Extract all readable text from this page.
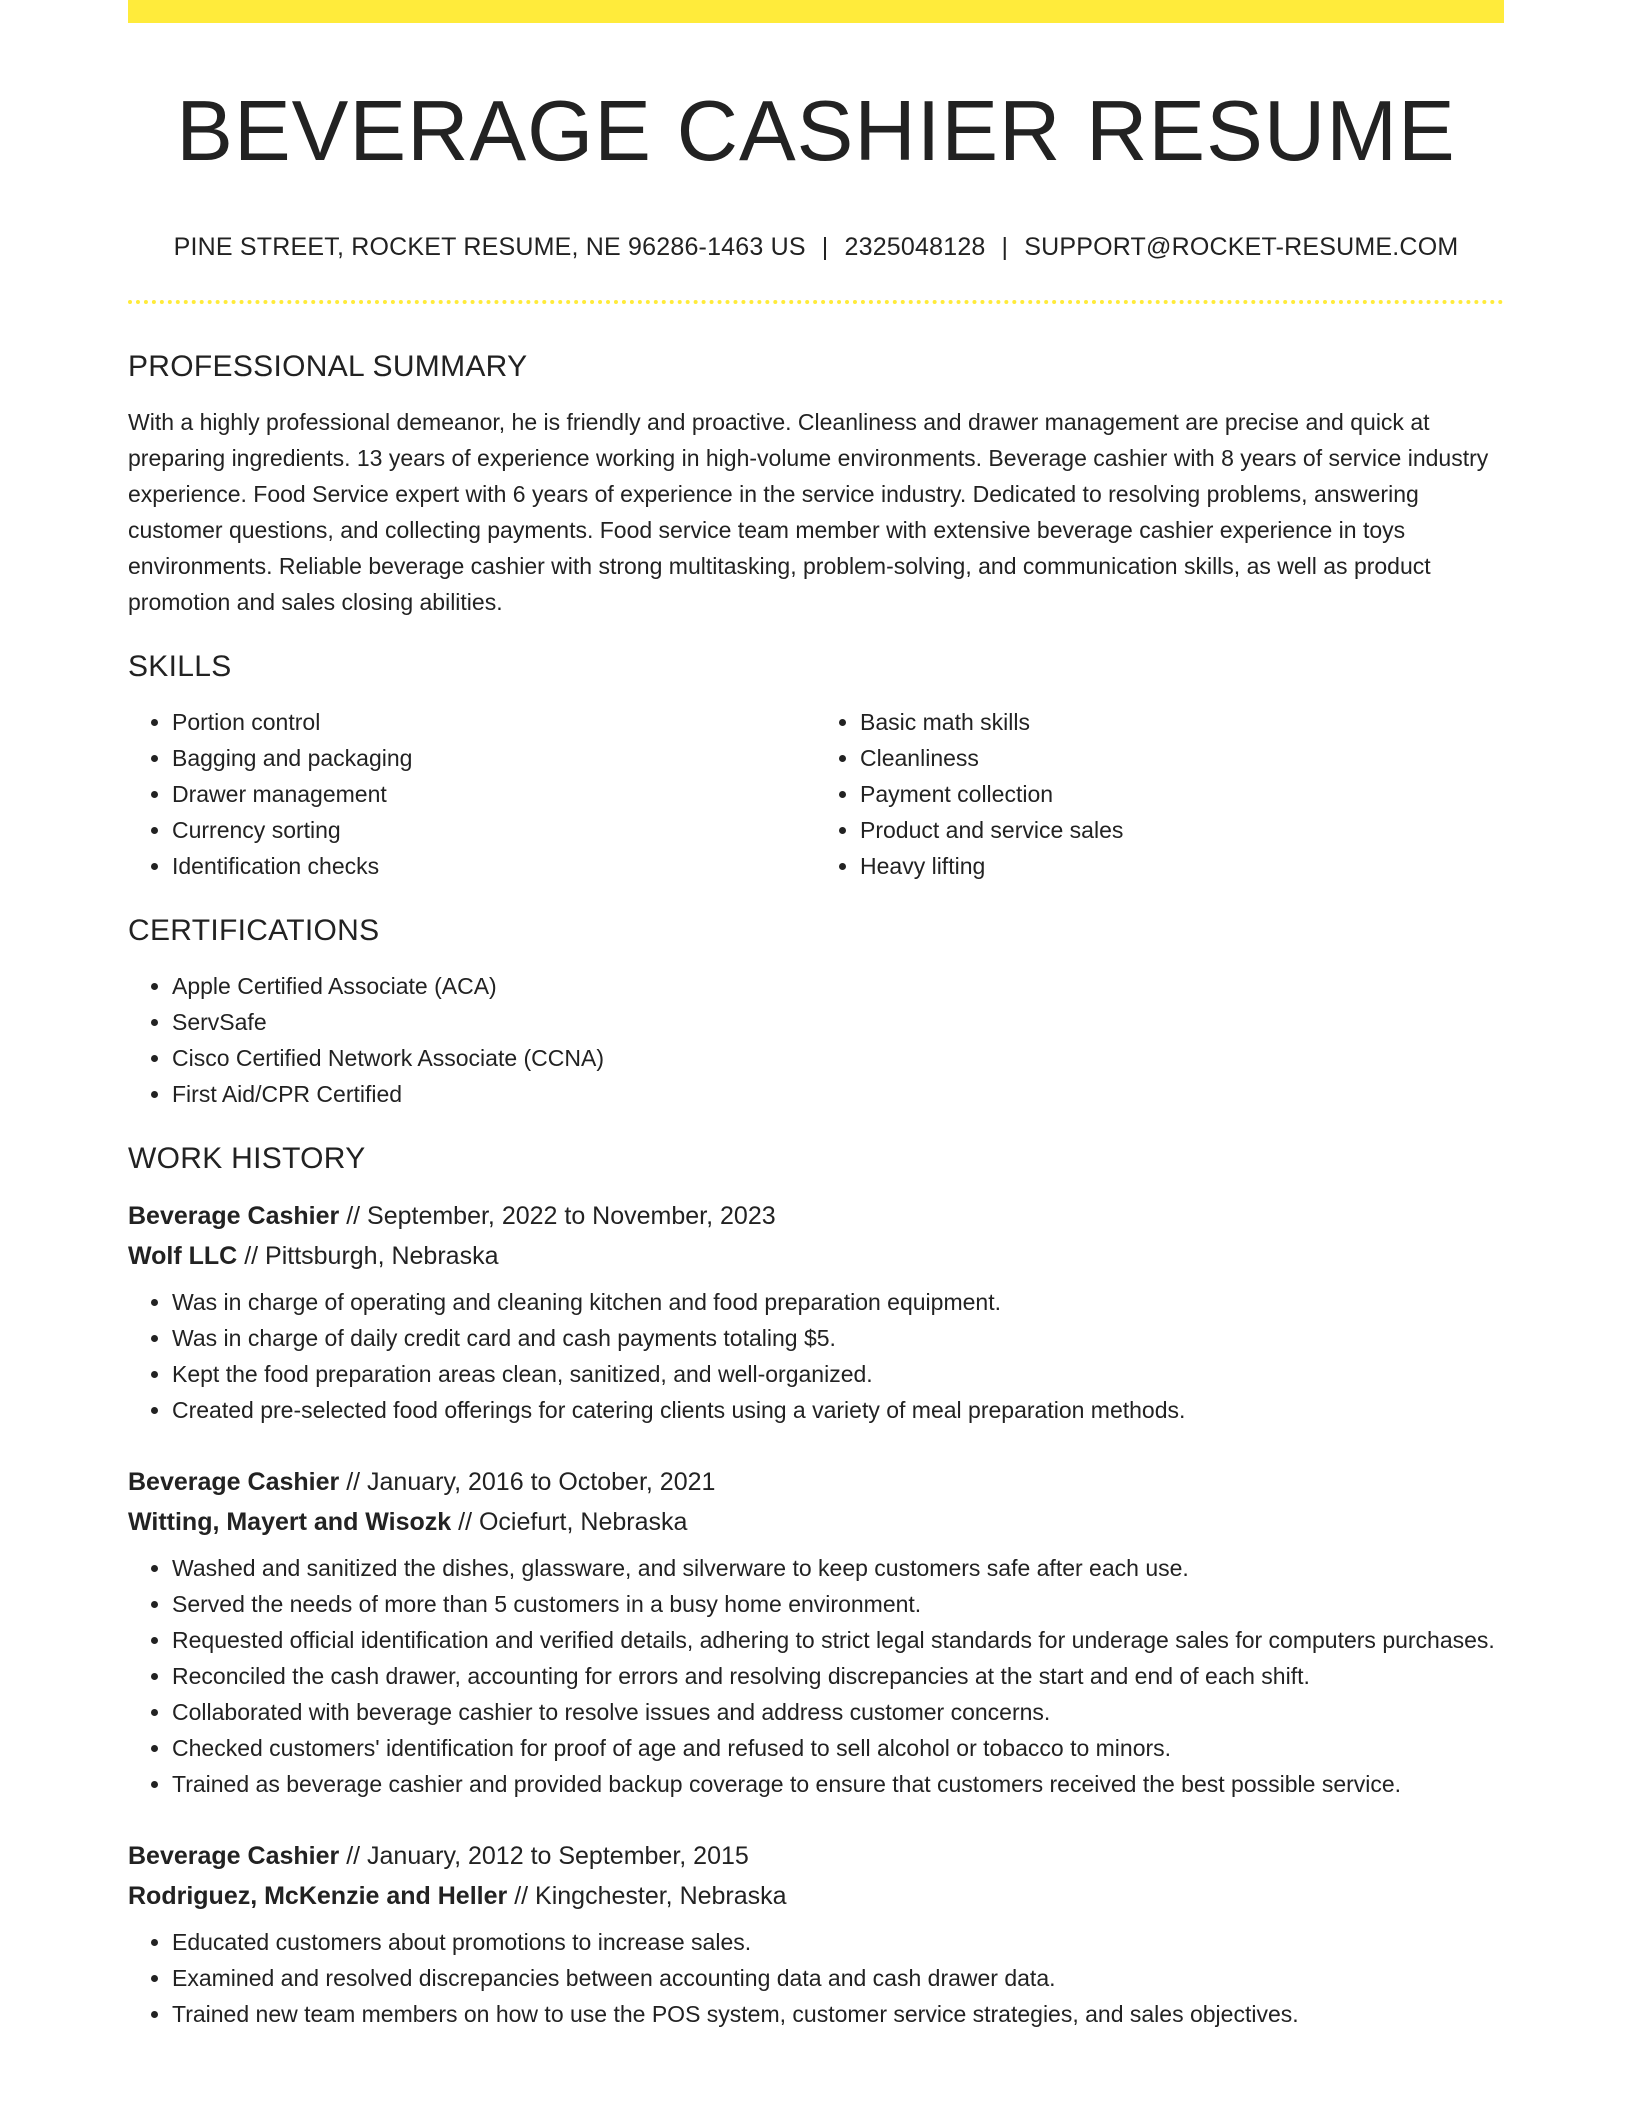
BEVERAGE CASHIER RESUME
PINE STREET, ROCKET RESUME, NE 96286-1463 US | 2325048128 | SUPPORT@ROCKET-RESUME.COM
PROFESSIONAL SUMMARY

With a highly professional demeanor, he is friendly and proactive. Cleanliness and drawer management are precise and quick at preparing ingredients. 13 years of experience working in high-volume environments. Beverage cashier with 8 years of service industry experience. Food Service expert with 6 years of experience in the service industry. Dedicated to resolving problems, answering customer questions, and collecting payments. Food service team member with extensive beverage cashier experience in toys environments. Reliable beverage cashier with strong multitasking, problem-solving, and communication skills, as well as product promotion and sales closing abilities.

SKILLS
• Portion control
• Bagging and packaging
• Drawer management
• Currency sorting
• Identification checks
• Basic math skills
• Cleanliness
• Payment collection
• Product and service sales
• Heavy lifting
CERTIFICATIONS
• Apple Certified Associate (ACA)
• ServSafe
• Cisco Certified Network Associate (CCNA)
• First Aid/CPR Certified
WORK HISTORY
Beverage Cashier // September, 2022 to November, 2023
Wolf LLC // Pittsburgh, Nebraska
• Was in charge of operating and cleaning kitchen and food preparation equipment.
• Was in charge of daily credit card and cash payments totaling $5.
• Kept the food preparation areas clean, sanitized, and well-organized.
• Created pre-selected food offerings for catering clients using a variety of meal preparation methods.
Beverage Cashier // January, 2016 to October, 2021
Witting, Mayert and Wisozk // Ociefurt, Nebraska
• Washed and sanitized the dishes, glassware, and silverware to keep customers safe after each use.
• Served the needs of more than 5 customers in a busy home environment.
• Requested official identification and verified details, adhering to strict legal standards for underage sales for computers purchases.
• Reconciled the cash drawer, accounting for errors and resolving discrepancies at the start and end of each shift.
• Collaborated with beverage cashier to resolve issues and address customer concerns.
• Checked customers' identification for proof of age and refused to sell alcohol or tobacco to minors.
• Trained as beverage cashier and provided backup coverage to ensure that customers received the best possible service.
Beverage Cashier // January, 2012 to September, 2015
Rodriguez, McKenzie and Heller // Kingchester, Nebraska
• Educated customers about promotions to increase sales.
• Examined and resolved discrepancies between accounting data and cash drawer data.
• Trained new team members on how to use the POS system, customer service strategies, and sales objectives.
